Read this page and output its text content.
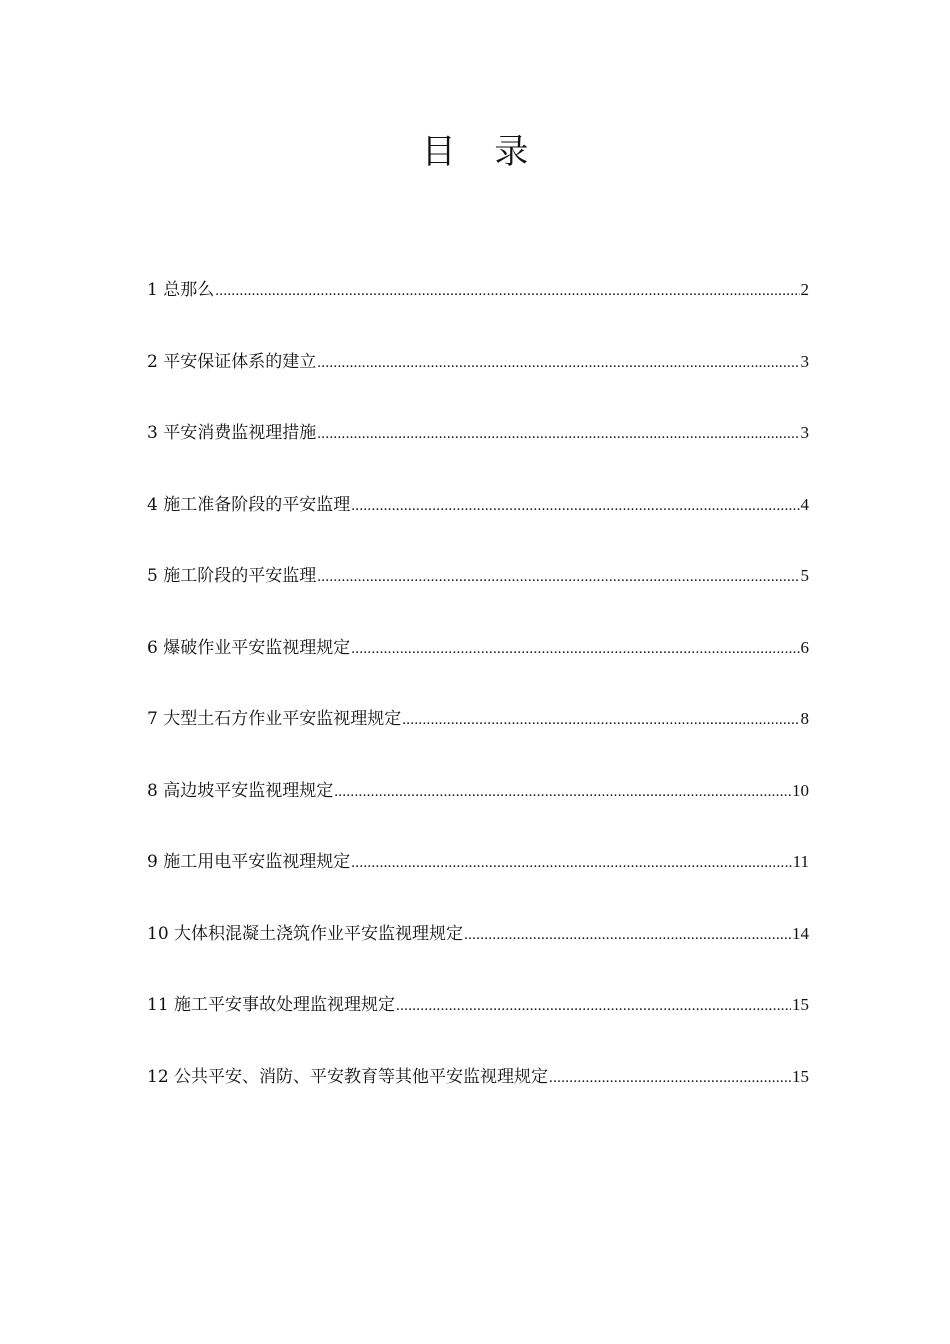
目 录
1 总那么 .....	2
2 平安保证体系的建立 .....	3
3 平安消费监视理措施 .....	3
4 施工准备阶段的平安监理 .....	4
5 施工阶段的平安监理 .....	5
6 爆破作业平安监视理规定 .....	6
7 大型土石方作业平安监视理规定 .....	8
8 高边坡平安监视理规定 .....	10
9 施工用电平安监视理规定 .....	11
10 大体积混凝土浇筑作业平安监视理规定 .....	14
11 施工平安事故处理监视理规定 .....	15
12 公共平安、消防、平安教育等其他平安监视理规定 .....	15
